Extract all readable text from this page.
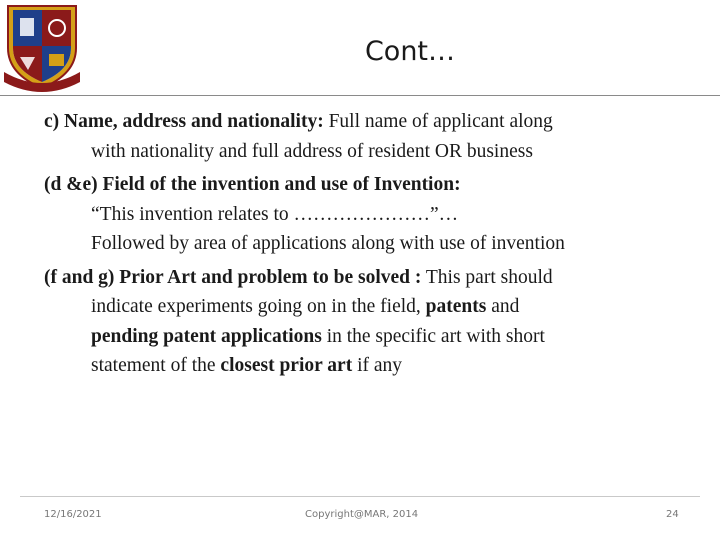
Cont…

c) Name, address and nationality: Full name of applicant along
with nationality and full address of resident OR business

(d &e) Field of the invention and use of Invention:
“This invention relates to …………………”…
Followed by area of applications along with use of invention

(f and g) Prior Art and problem to be solved : This part should
indicate experiments going on in the field, patents and
pending patent applications in the specific art with short
statement of the closest prior art if any

12/16/2021	Copyright@MAR, 2014	24
